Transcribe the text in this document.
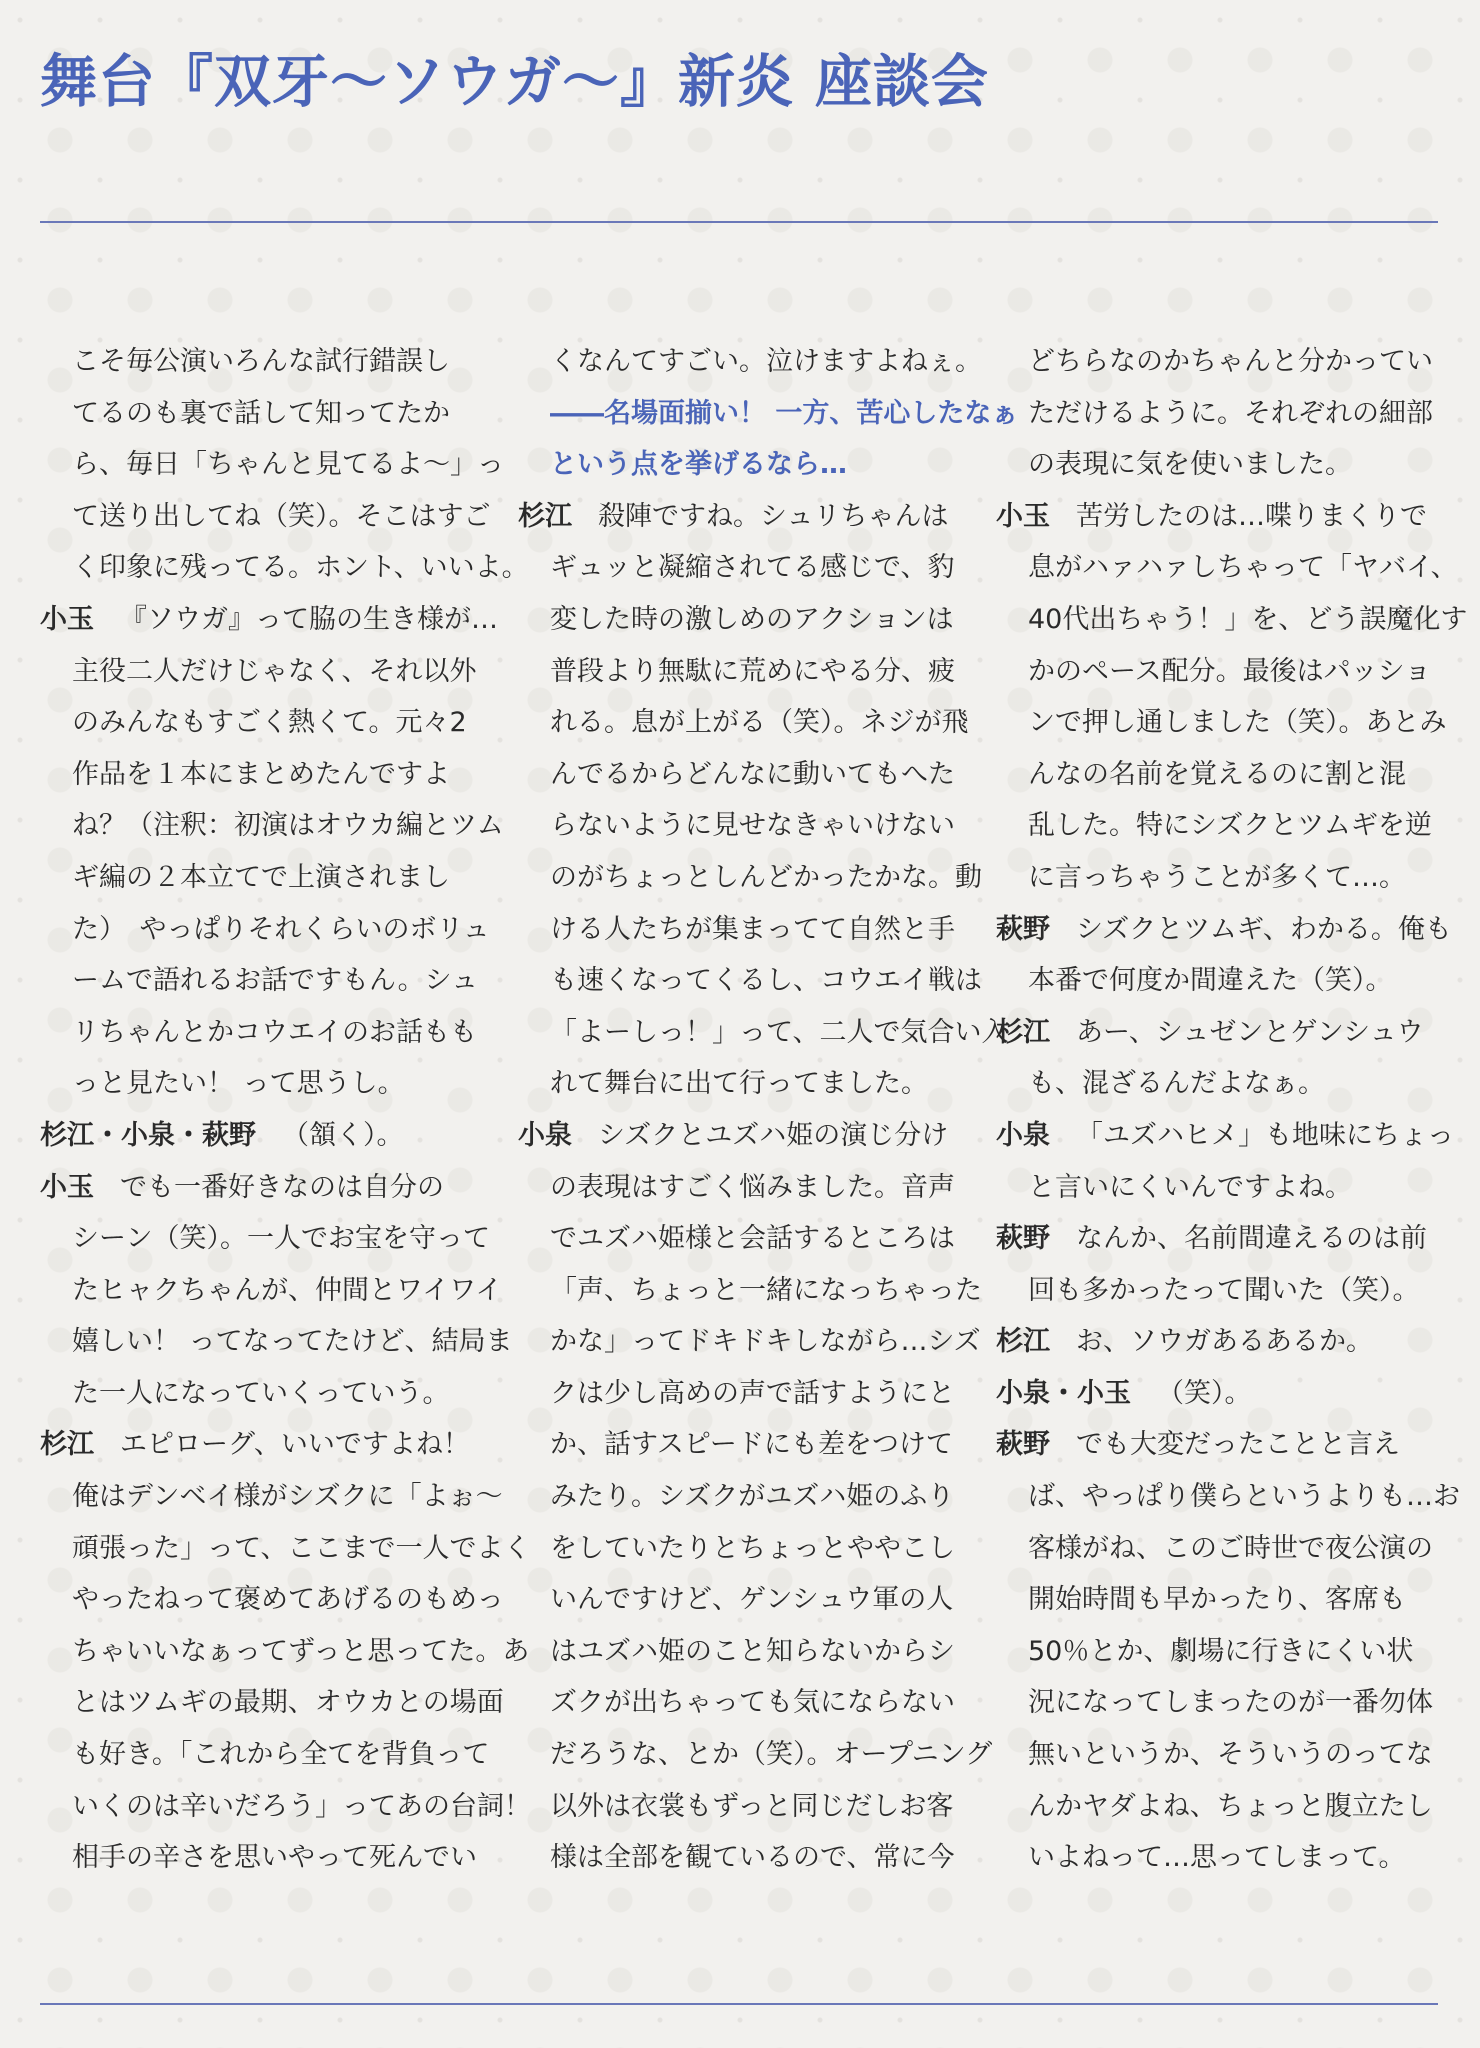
舞台『双牙～ソウガ～』新炎 座談会
こそ毎公演いろんな試行錯誤し
てるのも裏で話して知ってたか
ら、毎日「ちゃんと見てるよ～」っ
て送り出してね（笑）。そこはすご
く印象に残ってる。ホント、いいよ。
小玉 『ソウガ』って脇の生き様が…
主役二人だけじゃなく、それ以外
のみんなもすごく熱くて。元々2
作品を１本にまとめたんですよ
ね？（注釈：初演はオウカ編とツム
ギ編の２本立てで上演されまし
た）　やっぱりそれくらいのボリュ
ームで語れるお話ですもん。シュ
リちゃんとかコウエイのお話もも
っと見たい！ って思うし。
杉江・小泉・萩野 （頷く）。
小玉 でも一番好きなのは自分の
シーン（笑）。一人でお宝を守って
たヒャクちゃんが、仲間とワイワイ
嬉しい！ ってなってたけど、結局ま
た一人になっていくっていう。
杉江 エピローグ、いいですよね！
俺はデンベイ様がシズクに「よぉ～
頑張った」って、ここまで一人でよく
やったねって褒めてあげるのもめっ
ちゃいいなぁってずっと思ってた。あ
とはツムギの最期、オウカとの場面
も好き。「これから全てを背負って
いくのは辛いだろう」ってあの台詞！
相手の辛さを思いやって死んでい
くなんてすごい。泣けますよねぇ。
――名場面揃い！ 一方、苦心したなぁ
という点を挙げるなら…
杉江 殺陣ですね。シュリちゃんは
ギュッと凝縮されてる感じで、豹
変した時の激しめのアクションは
普段より無駄に荒めにやる分、疲
れる。息が上がる（笑）。ネジが飛
んでるからどんなに動いてもへた
らないように見せなきゃいけない
のがちょっとしんどかったかな。動
ける人たちが集まってて自然と手
も速くなってくるし、コウエイ戦は
「よーしっ！」って、二人で気合い入
れて舞台に出て行ってました。
小泉 シズクとユズハ姫の演じ分け
の表現はすごく悩みました。音声
でユズハ姫様と会話するところは
「声、ちょっと一緒になっちゃった
かな」ってドキドキしながら…シズ
クは少し高めの声で話すようにと
か、話すスピードにも差をつけて
みたり。シズクがユズハ姫のふり
をしていたりとちょっとややこし
いんですけど、ゲンシュウ軍の人
はユズハ姫のこと知らないからシ
ズクが出ちゃっても気にならない
だろうな、とか（笑）。オープニング
以外は衣裳もずっと同じだしお客
様は全部を観ているので、常に今
どちらなのかちゃんと分かってい
ただけるように。それぞれの細部
の表現に気を使いました。
小玉 苦労したのは…喋りまくりで
息がハァハァしちゃって「ヤバイ、
40代出ちゃう！」を、どう誤魔化す
かのペース配分。最後はパッショ
ンで押し通しました（笑）。あとみ
んなの名前を覚えるのに割と混
乱した。特にシズクとツムギを逆
に言っちゃうことが多くて…。
萩野 シズクとツムギ、わかる。俺も
本番で何度か間違えた（笑）。
杉江 あー、シュゼンとゲンシュウ
も、混ざるんだよなぁ。
小泉 「ユズハヒメ」も地味にちょっ
と言いにくいんですよね。
萩野 なんか、名前間違えるのは前
回も多かったって聞いた（笑）。
杉江 お、ソウガあるあるか。
小泉・小玉 （笑）。
萩野 でも大変だったことと言え
ば、やっぱり僕らというよりも…お
客様がね、このご時世で夜公演の
開始時間も早かったり、客席も
50％とか、劇場に行きにくい状
況になってしまったのが一番勿体
無いというか、そういうのってな
んかヤダよね、ちょっと腹立たし
いよねって…思ってしまって。
